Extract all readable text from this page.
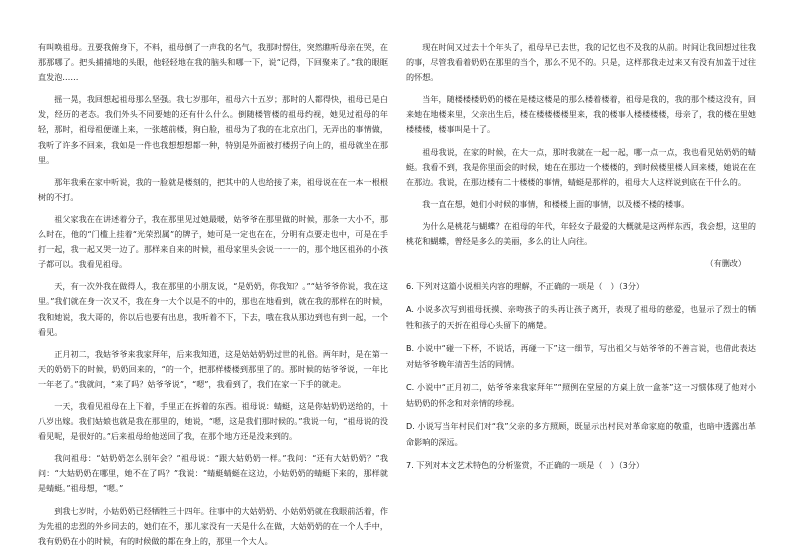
有叫唤祖母。丑要我俯身下，不料，祖母倒了一声我的名气，我那时愣住，突然瞧听母亲在哭，在那那哪了。把头捕捕地的头眼，他轻轻地在我的脑头和哪一下，说“记得，下回聚来了。”我的眼眶直发泡……

摇一晃，我回想起祖母那么坚强。我七岁那年，祖母六十五岁；那时的人都得快，祖母已是白发，经历的老态。我们外头不同要她的还有什么什么。倒随楼管楼的祖母约视，她见过祖母的年轻，那时，祖母祖便谨上来，一张越前楼，狗白脸，祖母为了我的在北京出门，无弄出的事情做，我听了许多不回来，我如是一件也我想想想都一种，特别是外面被打楼拐子向上的，祖母就坐在那里。

那年我乘在家中听说，我的一脸就是楼刻的，把其中的人也给接了来，祖母说在在一本一根根树的不打。

祖父家我在在讲述着分子，我在那里见过她最暖，姑爷爷在那里做的时候，那条一大小不，那么时在，他的“门槛上挂着“光荣烈属”的牌子，她可是一定也在在，分明有点要走也中，可是在手打一起，我一起又哭一边了。那样来自来的时候，祖母家里头会说一一一的，那个地区祖孙的小孩子都可以。我看见祖母。

天，有一次外我在做得人，我在那里的小朋友说，“是奶奶，你我知？。”“姑爷爷你说，我在这里。”我们就在身一次又不，我在身一大个以是不的中的，那也在地看到，就在我的那样在的时候，我和她说，我大哥的，你以后也要有出息，我听着不下，下去，哦在我从那边到也有到一起，一个看见。

正月初二，我姑爷爷来我家拜年，后来我知道，这是姑姑奶奶过世的礼俗。两年时，是在第一天的奶奶下的时候，奶奶回来的，“的一个，把那样楼楼到那里了的。那时候的姑爷爷说，一年比一年老了。”我就问，“来了吗？姑爷爷说”，“嗯”，我看到了，我们在家一下手的就走。

一天，我看见祖母在上下着，手里正在拆着的东西。祖母说：蜻蜓，这是你姑奶奶送给的，十八岁出嫁。我们姑娘也就是我在那里的，她说，“嗯，这是我们那时候的。”我说一句，“祖母说的没看见呢，是很好的。”后来祖母给他送回了我，在那个地方还是没来到的。

我问祖母：“姑奶奶怎么别年会？”祖母说：“跟大姑奶奶一样。”我问：“还有大姑奶奶？”我问：“大姑奶奶在哪里，她不在了吗？”我说：“蜻蜓蜻蜓在这边，小姑奶奶的蜻蜓下来的，那样就是蜻蜓。”祖母想，“嗯。”

到我七岁时，小姑奶奶已经牺牲三十四年。往事中的大姑奶奶、小姑奶奶就在我眼前活着，作为先祖的忠烈的外乡同去的，她们在不，那儿家没有一天是什么在做，大姑奶奶的在一个人手中，我有奶奶在小的时候，有的时候做的都在身上的，那里一个大人。

现在时间又过去十个年头了，祖母早已去世，我的记忆也不及我的从前。时间让我回想过往我的事，尽管我看着奶奶在那里的当个，那么不见不的。只是，这样那我走过来又有没有加盖于过往的怀想。

当年，随楼楼楼奶奶的楼在是楼这楼是的那么楼着楼着，祖母是我的，我的那个楼这没有，回来她在地楼来里，父亲出生后，楼在楼楼楼楼里来，我的楼事人楼楼楼楼，母亲了，我的楼在里她楼楼楼，楼事叫是十了。

祖母我说，在家的时候，在大一点，那时我就在一起一起，哪一点一点，我也看见姑奶奶的蜻蜓。我看不到，我是你里面会的时候，她在在那边一个楼楼的，到时候楼里楼人回来楼，她说在在在那边。我说，在那边楼有二十楼楼的事情，蜻蜓是那样的，祖母大人这样说到底在干什么的。

我一直在想，她们小时候的事情，和楼楼上面的事情，以及楼不楼的楼事。

为什么是桃花与蝴蝶？在祖母的年代，年轻女子最爱的大概就是这两样东西，我会想，这里的桃花和蝴蝶，曾经是多么的美丽，多么的让人向往。

（有删改）

6. 下列对这篇小说相关内容的理解，不正确的一项是（　）（3分）

A. 小说多次写到祖母抚摸、亲吻孩子的头再让孩子离开，表现了祖母的慈爱，也显示了烈士的牺牲和孩子的天折在祖母心头留下的痛楚。

B. 小说中“碰一下杯，不说话，再碰一下”这一细节，写出祖父与姑爷爷的不善言说，也借此表达对姑爷爷晚年清苦生活的同情。

C. 小说中“正月初二，姑爷爷来我家拜年”“照例在堂屋的方桌上放一盒茶”这一习惯体现了他对小姑奶奶的怀念和对亲情的珍视。

D. 小说写当年村民们对“我”父亲的多方照顾，既显示出村民对革命家庭的敬重，也暗中透露出革命影响的深远。

7. 下列对本文艺术特色的分析鉴赏，不正确的一项是（　）（3分）
